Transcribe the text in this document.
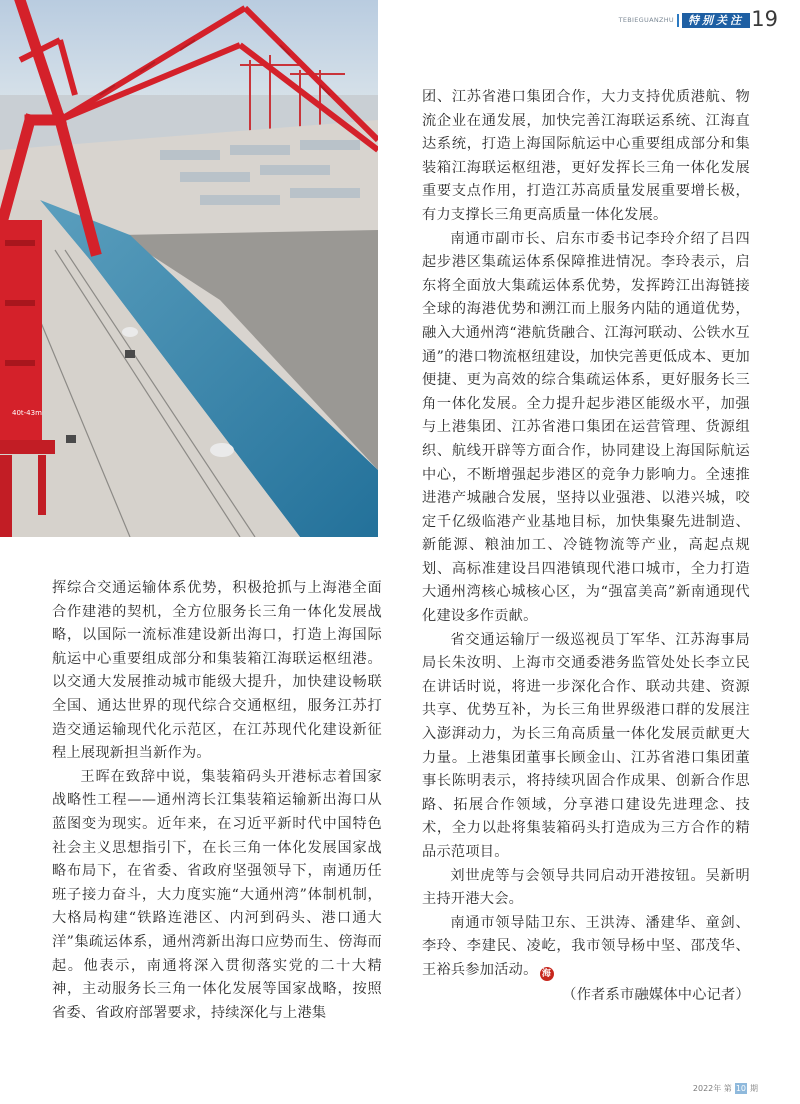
40t-43m
TEBIEGUANZHU	特别关注 19

团、江苏省港口集团合作，大力支持优质港航、物流企业在通发展，加快完善江海联运系统、江海直达系统，打造上海国际航运中心重要组成部分和集装箱江海联运枢纽港，更好发挥长三角一体化发展重要支点作用，打造江苏高质量发展重要增长极，有力支撑长三角更高质量一体化发展。

南通市副市长、启东市委书记李玲介绍了吕四起步港区集疏运体系保障推进情况。李玲表示，启东将全面放大集疏运体系优势，发挥跨江出海链接全球的海港优势和溯江而上服务内陆的通道优势，融入大通州湾“港航货融合、江海河联动、公铁水互通”的港口物流枢纽建设，加快完善更低成本、更加便捷、更为高效的综合集疏运体系，更好服务长三角一体化发展。全力提升起步港区能级水平，加强与上港集团、江苏省港口集团在运营管理、货源组织、航线开辟等方面合作，协同建设上海国际航运中心，不断增强起步港区的竞争力影响力。全速推进港产城融合发展，坚持以业强港、以港兴城，咬定千亿级临港产业基地目标，加快集聚先进制造、新能源、粮油加工、冷链物流等产业，高起点规划、高标准建设吕四港镇现代港口城市，全力打造大通州湾核心城核心区，为“强富美高”新南通现代化建设多作贡献。

省交通运输厅一级巡视员丁军华、江苏海事局局长朱汝明、上海市交通委港务监管处处长李立民在讲话时说，将进一步深化合作、联动共建、资源共享、优势互补，为长三角世界级港口群的发展注入澎湃动力，为长三角高质量一体化发展贡献更大力量。上港集团董事长顾金山、江苏省港口集团董事长陈明表示，将持续巩固合作成果、创新合作思路、拓展合作领域，分享港口建设先进理念、技术，全力以赴将集装箱码头打造成为三方合作的精品示范项目。

刘世虎等与会领导共同启动开港按钮。吴新明主持开港大会。

南通市领导陆卫东、王洪涛、潘建华、童剑、李玲、李建民、凌屹，我市领导杨中坚、邵茂华、王裕兵参加活动。 海

（作者系市融媒体中心记者）

挥综合交通运输体系优势，积极抢抓与上海港全面合作建港的契机，全方位服务长三角一体化发展战略，以国际一流标准建设新出海口，打造上海国际航运中心重要组成部分和集装箱江海联运枢纽港。以交通大发展推动城市能级大提升，加快建设畅联全国、通达世界的现代综合交通枢纽，服务江苏打造交通运输现代化示范区，在江苏现代化建设新征程上展现新担当新作为。

王晖在致辞中说，集装箱码头开港标志着国家战略性工程——通州湾长江集装箱运输新出海口从蓝图变为现实。近年来，在习近平新时代中国特色社会主义思想指引下，在长三角一体化发展国家战略布局下，在省委、省政府坚强领导下，南通历任班子接力奋斗，大力度实施“大通州湾”体制机制，大格局构建“铁路连港区、内河到码头、港口通大洋”集疏运体系，通州湾新出海口应势而生、傍海而起。他表示，南通将深入贯彻落实党的二十大精神，主动服务长三角一体化发展等国家战略，按照省委、省政府部署要求，持续深化与上港集

2022年 第 10 期
